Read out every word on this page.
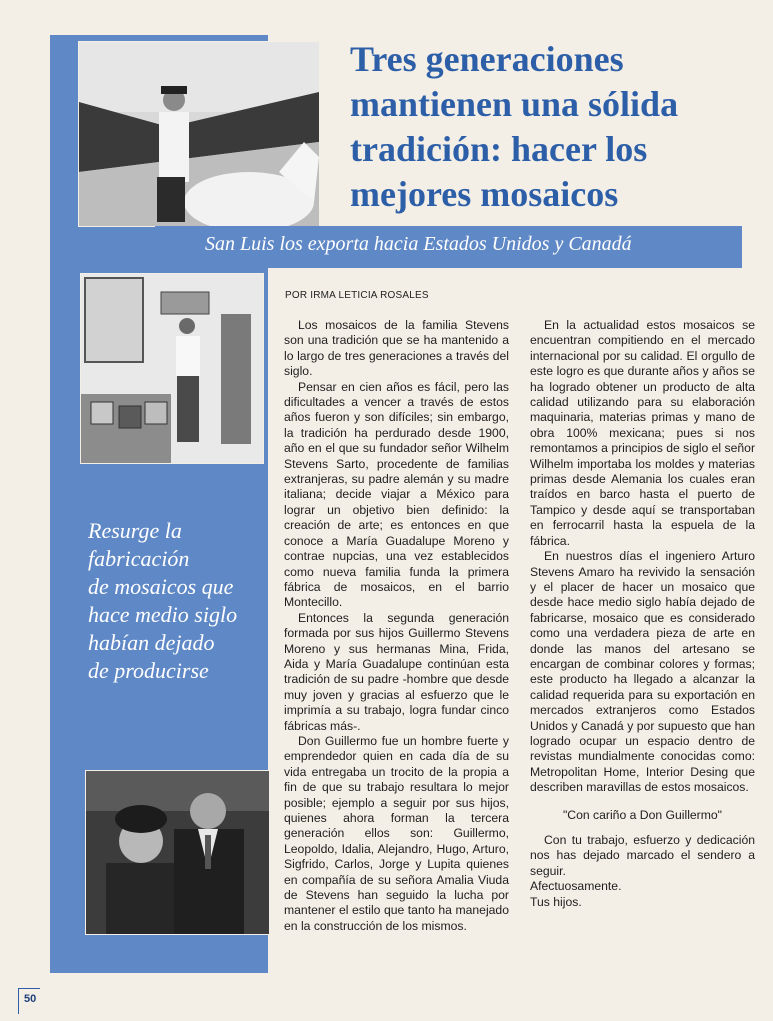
Tres generaciones
mantienen una sólida
tradición: hacer los
mejores mosaicos

San Luis los exporta hacia Estados Unidos y Canadá

Resurge la
fabricación
de mosaicos que
hace medio siglo
habían dejado
de producirse

POR IRMA LETICIA ROSALES

Los mosaicos de la familia Stevens son una tradición que se ha mantenido a lo largo de tres generaciones a través del siglo.

Pensar en cien años es fácil, pero las dificultades a vencer a través de estos años fueron y son difíciles; sin embargo, la tradición ha perdurado desde 1900, año en el que su fundador señor Wilhelm Stevens Sarto, procedente de familias extranjeras, su padre alemán y su madre italiana; decide viajar a México para lograr un objetivo bien definido: la creación de arte; es entonces en que conoce a María Guadalupe Moreno y contrae nupcias, una vez establecidos como nueva familia funda la primera fábrica de mosaicos, en el barrio Montecillo.

Entonces la segunda generación formada por sus hijos Guillermo Stevens Moreno y sus hermanas Mina, Frida, Aida y María Guadalupe continúan esta tradición de su padre -hombre que desde muy joven y gracias al esfuerzo que le imprimía a su trabajo, logra fundar cinco fábricas más-.

Don Guillermo fue un hombre fuerte y emprendedor quien en cada día de su vida entregaba un trocito de la propia a fin de que su trabajo resultara lo mejor posible; ejemplo a seguir por sus hijos, quienes ahora forman la tercera generación ellos son: Guillermo, Leopoldo, Idalia, Alejandro, Hugo, Arturo, Sigfrido, Carlos, Jorge y Lupita quienes en compañía de su señora Amalia Viuda de Stevens han seguido la lucha por mantener el estilo que tanto ha manejado en la construcción de los mismos.

En la actualidad estos mosaicos se encuentran compitiendo en el mercado internacional por su calidad. El orgullo de este logro es que durante años y años se ha logrado obtener un producto de alta calidad utilizando para su elaboración maquinaria, materias primas y mano de obra 100% mexicana; pues si nos remontamos a principios de siglo el señor Wilhelm importaba los moldes y materias primas desde Alemania los cuales eran traídos en barco hasta el puerto de Tampico y desde aquí se transportaban en ferrocarril hasta la espuela de la fábrica.

En nuestros días el ingeniero Arturo Stevens Amaro ha revivido la sensación y el placer de hacer un mosaico que desde hace medio siglo había dejado de fabricarse, mosaico que es considerado como una verdadera pieza de arte en donde las manos del artesano se encargan de combinar colores y formas; este producto ha llegado a alcanzar la calidad requerida para su exportación en mercados extranjeros como Estados Unidos y Canadá y por supuesto que han logrado ocupar un espacio dentro de revistas mundialmente conocidas como: Metropolitan Home, Interior Desing que describen maravillas de estos mosaicos.

"Con cariño a Don Guillermo"

Con tu trabajo, esfuerzo y dedicación nos has dejado marcado el sendero a seguir.

Afectuosamente.

Tus hijos.

50
